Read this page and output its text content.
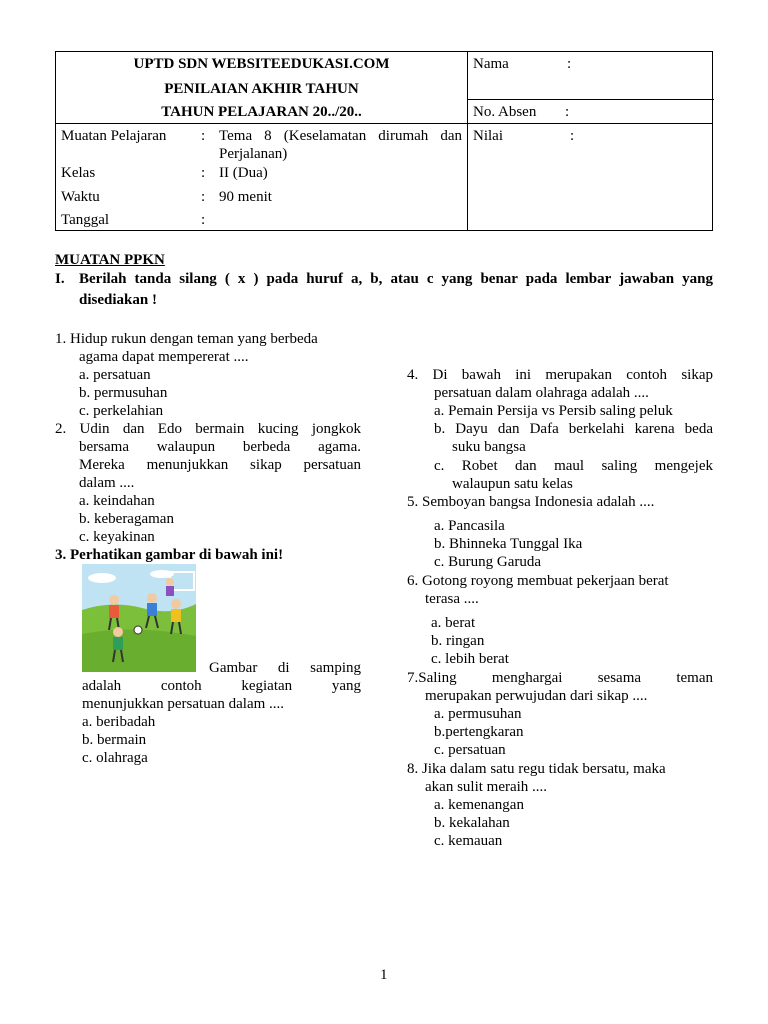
UPTD SDN WEBSITEEDUKASI.COM
PENILAIAN AKHIR TAHUN
TAHUN PELAJARAN 20../20..
Nama	:
No. Absen :
Nilai	:
Muatan Pelajaran : Tema 8 (Keselamatan dirumah dan
Perjalanan)
Kelas	: II (Dua)
Waktu	: 90 menit
Tanggal	:
MUATAN PPKN
I. Berilah tanda silang ( x ) pada huruf a, b, atau c yang benar pada lembar jawaban yang
disediakan !
1. Hidup rukun dengan teman yang berbeda
agama dapat mempererat ....
a. persatuan
b. permusuhan
c. perkelahian
2. Udin dan Edo bermain kucing jongkok
bersama walaupun berbeda agama.
Mereka menunjukkan sikap persatuan
dalam ....
a. keindahan
b. keberagaman
c. keyakinan
3. Perhatikan gambar di bawah ini!
Gambar di samping
adalah contoh kegiatan yang
menunjukkan persatuan dalam ....
a. beribadah
b. bermain
c. olahraga
4. Di bawah ini merupakan contoh sikap
persatuan dalam olahraga adalah ....
a. Pemain Persija vs Persib saling peluk
b. Dayu dan Dafa berkelahi karena beda
suku bangsa
c. Robet dan maul saling mengejek
walaupun satu kelas
5. Semboyan bangsa Indonesia adalah ....
a. Pancasila
b. Bhinneka Tunggal Ika
c. Burung Garuda
6. Gotong royong membuat pekerjaan berat
terasa ....
a. berat
b. ringan
c. lebih berat
7.Saling menghargai sesama teman
merupakan perwujudan dari sikap ....
a. permusuhan
b.pertengkaran
c. persatuan
8. Jika dalam satu regu tidak bersatu, maka
akan sulit meraih ....
a. kemenangan
b. kekalahan
c. kemauan
1
